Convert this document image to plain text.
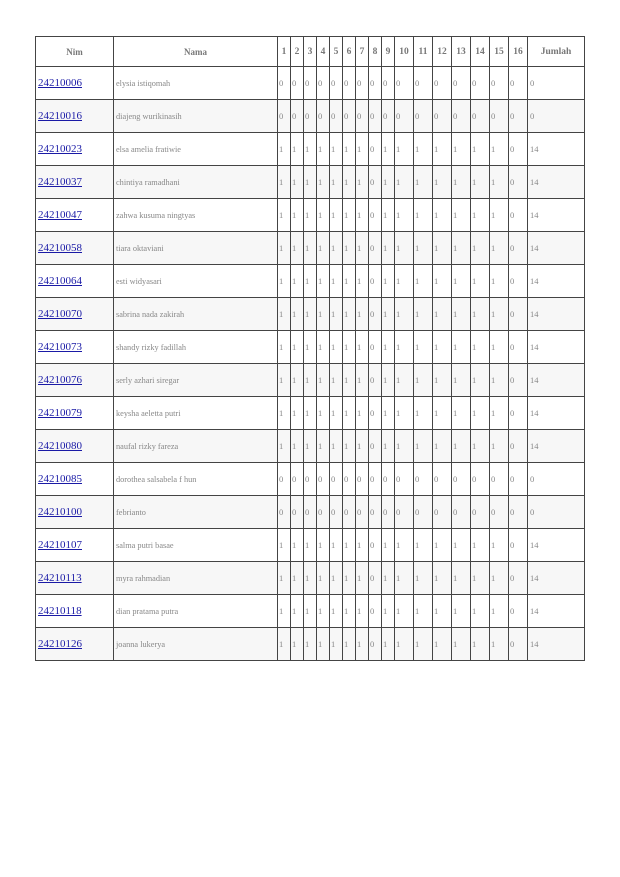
Nim	Nama	1	2	3	4	5	6	7	8	9	10	11	12	13	14	15	16	Jumlah
24210006	elysia istiqomah	0	0	0	0	0	0	0	0	0	0	0	0	0	0	0	0	0
24210016	diajeng wurikinasih	0	0	0	0	0	0	0	0	0	0	0	0	0	0	0	0	0
24210023	elsa amelia fratiwie	1	1	1	1	1	1	1	0	1	1	1	1	1	1	1	0	14
24210037	chintiya ramadhani	1	1	1	1	1	1	1	0	1	1	1	1	1	1	1	0	14
24210047	zahwa kusuma ningtyas	1	1	1	1	1	1	1	0	1	1	1	1	1	1	1	0	14
24210058	tiara oktaviani	1	1	1	1	1	1	1	0	1	1	1	1	1	1	1	0	14
24210064	esti widyasari	1	1	1	1	1	1	1	0	1	1	1	1	1	1	1	0	14
24210070	sabrina nada zakirah	1	1	1	1	1	1	1	0	1	1	1	1	1	1	1	0	14
24210073	shandy rizky fadillah	1	1	1	1	1	1	1	0	1	1	1	1	1	1	1	0	14
24210076	serly azhari siregar	1	1	1	1	1	1	1	0	1	1	1	1	1	1	1	0	14
24210079	keysha aeletta putri	1	1	1	1	1	1	1	0	1	1	1	1	1	1	1	0	14
24210080	naufal rizky fareza	1	1	1	1	1	1	1	0	1	1	1	1	1	1	1	0	14
24210085	dorothea salsabela f hun	0	0	0	0	0	0	0	0	0	0	0	0	0	0	0	0	0
24210100	febrianto	0	0	0	0	0	0	0	0	0	0	0	0	0	0	0	0	0
24210107	salma putri basae	1	1	1	1	1	1	1	0	1	1	1	1	1	1	1	0	14
24210113	myra rahmadian	1	1	1	1	1	1	1	0	1	1	1	1	1	1	1	0	14
24210118	dian pratama putra	1	1	1	1	1	1	1	0	1	1	1	1	1	1	1	0	14
24210126	joanna lukerya	1	1	1	1	1	1	1	0	1	1	1	1	1	1	1	0	14
